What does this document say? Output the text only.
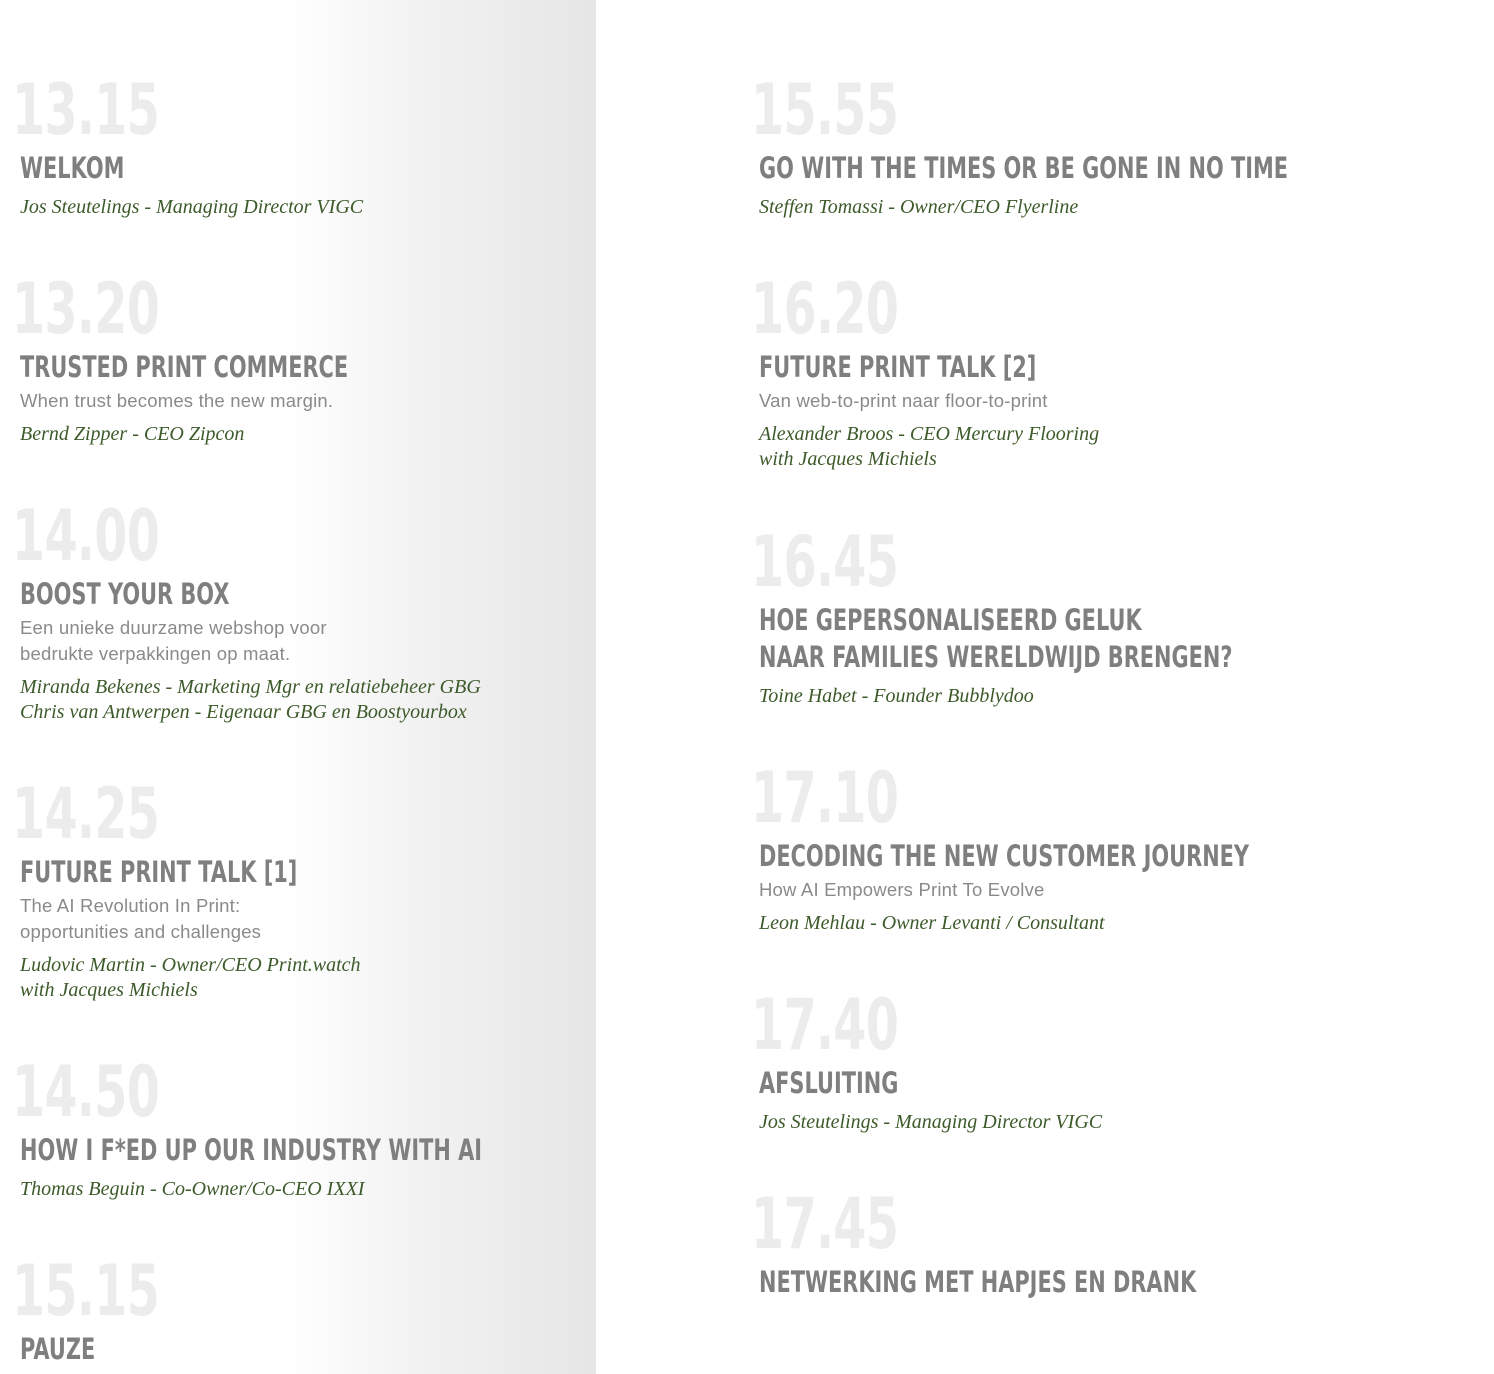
13.15
WELKOM
Jos Steutelings - Managing Director VIGC
13.20
TRUSTED PRINT COMMERCE
When trust becomes the new margin.
Bernd Zipper - CEO Zipcon
14.00
BOOST YOUR BOX
Een unieke duurzame webshop voor
bedrukte verpakkingen op maat.
Miranda Bekenes - Marketing Mgr en relatiebeheer GBG
Chris van Antwerpen - Eigenaar GBG en Boostyourbox
14.25
FUTURE PRINT TALK [1]
The AI Revolution In Print:
opportunities and challenges
Ludovic Martin - Owner/CEO Print.watch
with Jacques Michiels
14.50
HOW I F*ED UP OUR INDUSTRY WITH AI
Thomas Beguin - Co-Owner/Co-CEO IXXI
15.15
PAUZE
15.55
GO WITH THE TIMES OR BE GONE IN NO TIME
Steffen Tomassi - Owner/CEO Flyerline
16.20
FUTURE PRINT TALK [2]
Van web-to-print naar floor-to-print
Alexander Broos - CEO Mercury Flooring
with Jacques Michiels
16.45
HOE GEPERSONALISEERD GELUK
NAAR FAMILIES WERELDWIJD BRENGEN?
Toine Habet - Founder Bubblydoo
17.10
DECODING THE NEW CUSTOMER JOURNEY
How AI Empowers Print To Evolve
Leon Mehlau - Owner Levanti / Consultant
17.40
AFSLUITING
Jos Steutelings - Managing Director VIGC
17.45
NETWERKING MET HAPJES EN DRANK
